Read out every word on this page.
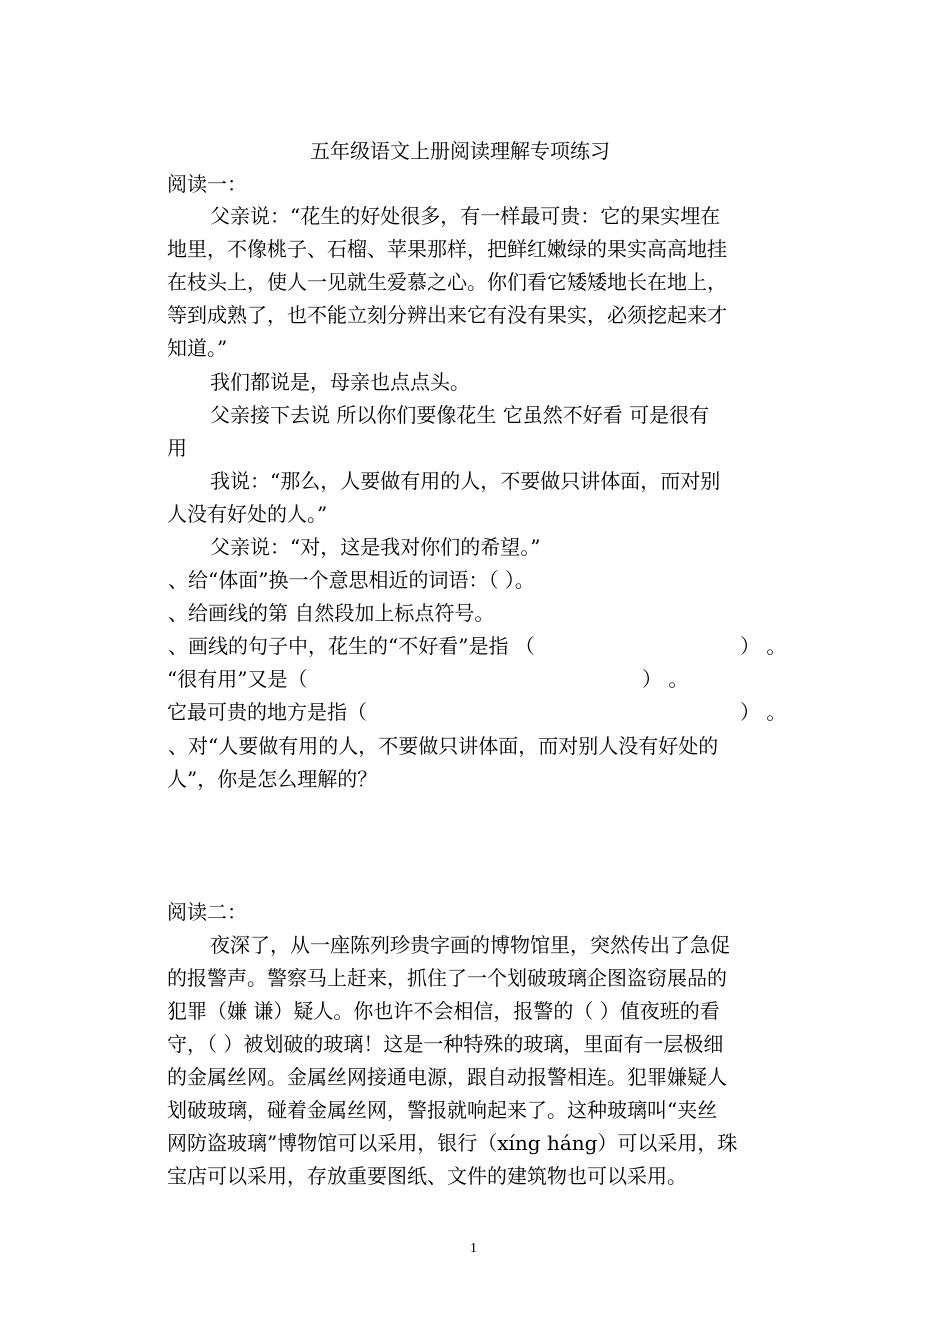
五年级语文上册阅读理解专项练习
阅读一：
父亲说：“花生的好处很多，有一样最可贵：它的果实埋在
地里，不像桃子、石榴、苹果那样，把鲜红嫩绿的果实高高地挂
在枝头上，使人一见就生爱慕之心。你们看它矮矮地长在地上，
等到成熟了，也不能立刻分辨出来它有没有果实，必须挖起来才
知道。”
我们都说是，母亲也点点头。
父亲接下去说 所以你们要像花生 它虽然不好看 可是很有
用
我说：“那么，人要做有用的人，不要做只讲体面，而对别
人没有好处的人。”
父亲说：“对，这是我对你们的希望。”
、给“体面”换一个意思相近的词语：（ ）。
、给画线的第 自然段加上标点符号。
、画线的句子中，花生的“不好看”是指 （	） 。
“很有用”又是（	） 。
它最可贵的地方是指（	） 。
、对“人要做有用的人，不要做只讲体面，而对别人没有好处的
人”，你是怎么理解的？
阅读二：
夜深了，从一座陈列珍贵字画的博物馆里，突然传出了急促
的报警声。警察马上赶来，抓住了一个划破玻璃企图盗窃展品的
犯罪（嫌 谦）疑人。你也许不会相信，报警的（ ）值夜班的看
守，（ ）被划破的玻璃！这是一种特殊的玻璃，里面有一层极细
的金属丝网。金属丝网接通电源，跟自动报警相连。犯罪嫌疑人
划破玻璃，碰着金属丝网，警报就响起来了。这种玻璃叫“夹丝
网防盗玻璃”博物馆可以采用，银行（xíng háng）可以采用，珠
宝店可以采用，存放重要图纸、文件的建筑物也可以采用。
1
